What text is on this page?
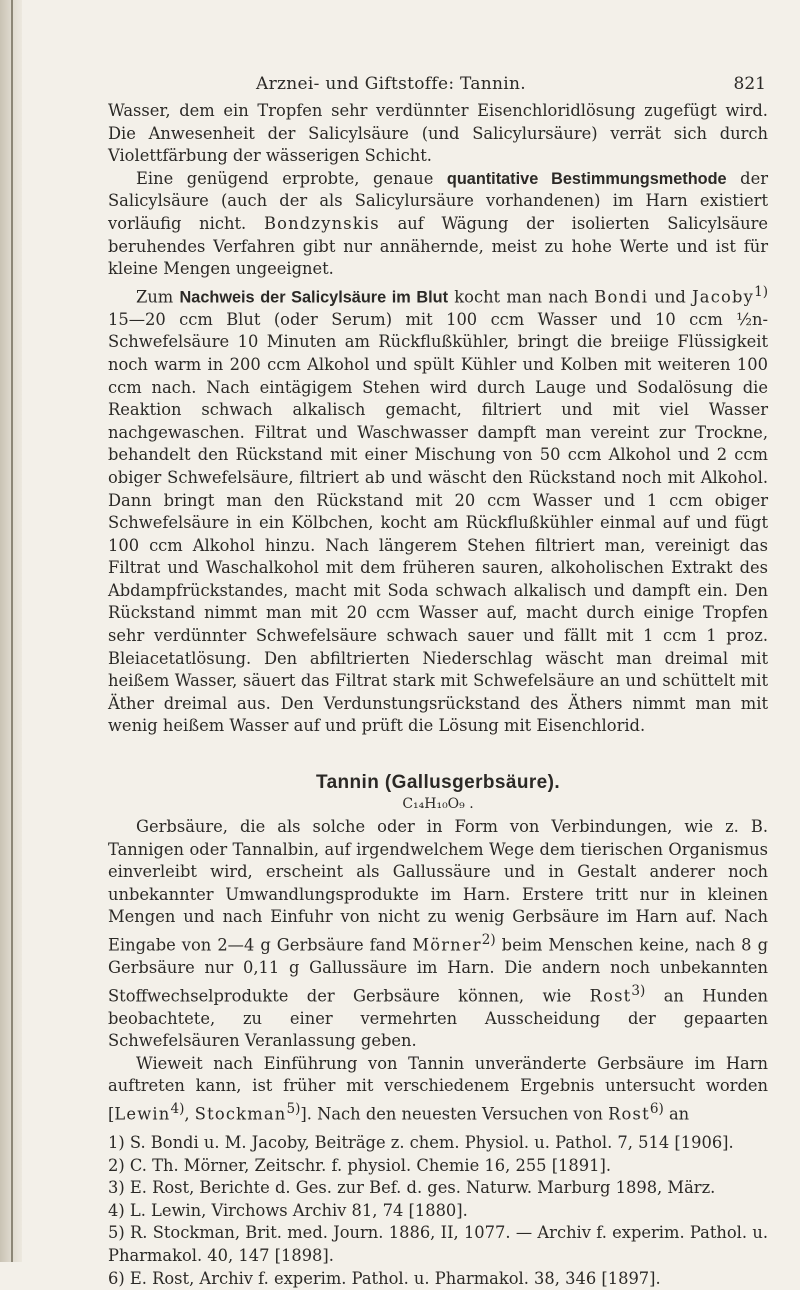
Arznei- und Giftstoffe: Tannin.	821

Wasser, dem ein Tropfen sehr verdünnter Eisenchloridlösung zugefügt wird. Die Anwesenheit der Salicylsäure (und Salicylursäure) verrät sich durch Violettfärbung der wässerigen Schicht.

Eine genügend erprobte, genaue quantitative Bestimmungsmethode der Salicylsäure (auch der als Salicylursäure vorhandenen) im Harn existiert vorläufig nicht. Bondzynskis auf Wägung der isolierten Salicylsäure beruhendes Verfahren gibt nur annähernde, meist zu hohe Werte und ist für kleine Mengen ungeeignet.

Zum Nachweis der Salicylsäure im Blut kocht man nach Bondi und Jacoby$^{1)}$ 15—20 ccm Blut (oder Serum) mit 100 ccm Wasser und 10 ccm ½n-Schwefelsäure 10 Minuten am Rückflußkühler, bringt die breiige Flüssigkeit noch warm in 200 ccm Alkohol und spült Kühler und Kolben mit weiteren 100 ccm nach. Nach eintägigem Stehen wird durch Lauge und Sodalösung die Reaktion schwach alkalisch gemacht, filtriert und mit viel Wasser nachgewaschen. Filtrat und Waschwasser dampft man vereint zur Trockne, behandelt den Rückstand mit einer Mischung von 50 ccm Alkohol und 2 ccm obiger Schwefelsäure, filtriert ab und wäscht den Rückstand noch mit Alkohol. Dann bringt man den Rückstand mit 20 ccm Wasser und 1 ccm obiger Schwefelsäure in ein Kölbchen, kocht am Rückflußkühler einmal auf und fügt 100 ccm Alkohol hinzu. Nach längerem Stehen filtriert man, vereinigt das Filtrat und Waschalkohol mit dem früheren sauren, alkoholischen Extrakt des Abdampfrückstandes, macht mit Soda schwach alkalisch und dampft ein. Den Rückstand nimmt man mit 20 ccm Wasser auf, macht durch einige Tropfen sehr verdünnter Schwefelsäure schwach sauer und fällt mit 1 ccm 1 proz. Bleiacetatlösung. Den abfiltrierten Niederschlag wäscht man dreimal mit heißem Wasser, säuert das Filtrat stark mit Schwefelsäure an und schüttelt mit Äther dreimal aus. Den Verdunstungsrückstand des Äthers nimmt man mit wenig heißem Wasser auf und prüft die Lösung mit Eisenchlorid.

Tannin (Gallusgerbsäure).
C₁₄H₁₀O₉ .

Gerbsäure, die als solche oder in Form von Verbindungen, wie z. B. Tannigen oder Tannalbin, auf irgendwelchem Wege dem tierischen Organismus einverleibt wird, erscheint als Gallussäure und in Gestalt anderer noch unbekannter Umwandlungsprodukte im Harn. Erstere tritt nur in kleinen Mengen und nach Einfuhr von nicht zu wenig Gerbsäure im Harn auf. Nach Eingabe von 2—4 g Gerbsäure fand Mörner$^{2)}$ beim Menschen keine, nach 8 g Gerbsäure nur 0,11 g Gallussäure im Harn. Die andern noch unbekannten Stoffwechselprodukte der Gerbsäure können, wie Rost$^{3)}$ an Hunden beobachtete, zu einer vermehrten Ausscheidung der gepaarten Schwefelsäuren Veranlassung geben.

Wieweit nach Einführung von Tannin unveränderte Gerbsäure im Harn auftreten kann, ist früher mit verschiedenem Ergebnis untersucht worden [Lewin$^{4)}$, Stockman$^{5)}$]. Nach den neuesten Versuchen von Rost$^{6)}$ an

1) S. Bondi u. M. Jacoby, Beiträge z. chem. Physiol. u. Pathol. 7, 514 [1906].

2) C. Th. Mörner, Zeitschr. f. physiol. Chemie 16, 255 [1891].

3) E. Rost, Berichte d. Ges. zur Bef. d. ges. Naturw. Marburg 1898, März.

4) L. Lewin, Virchows Archiv 81, 74 [1880].

5) R. Stockman, Brit. med. Journ. 1886, II, 1077. — Archiv f. experim. Pathol. u. Pharmakol. 40, 147 [1898].

6) E. Rost, Archiv f. experim. Pathol. u. Pharmakol. 38, 346 [1897].
